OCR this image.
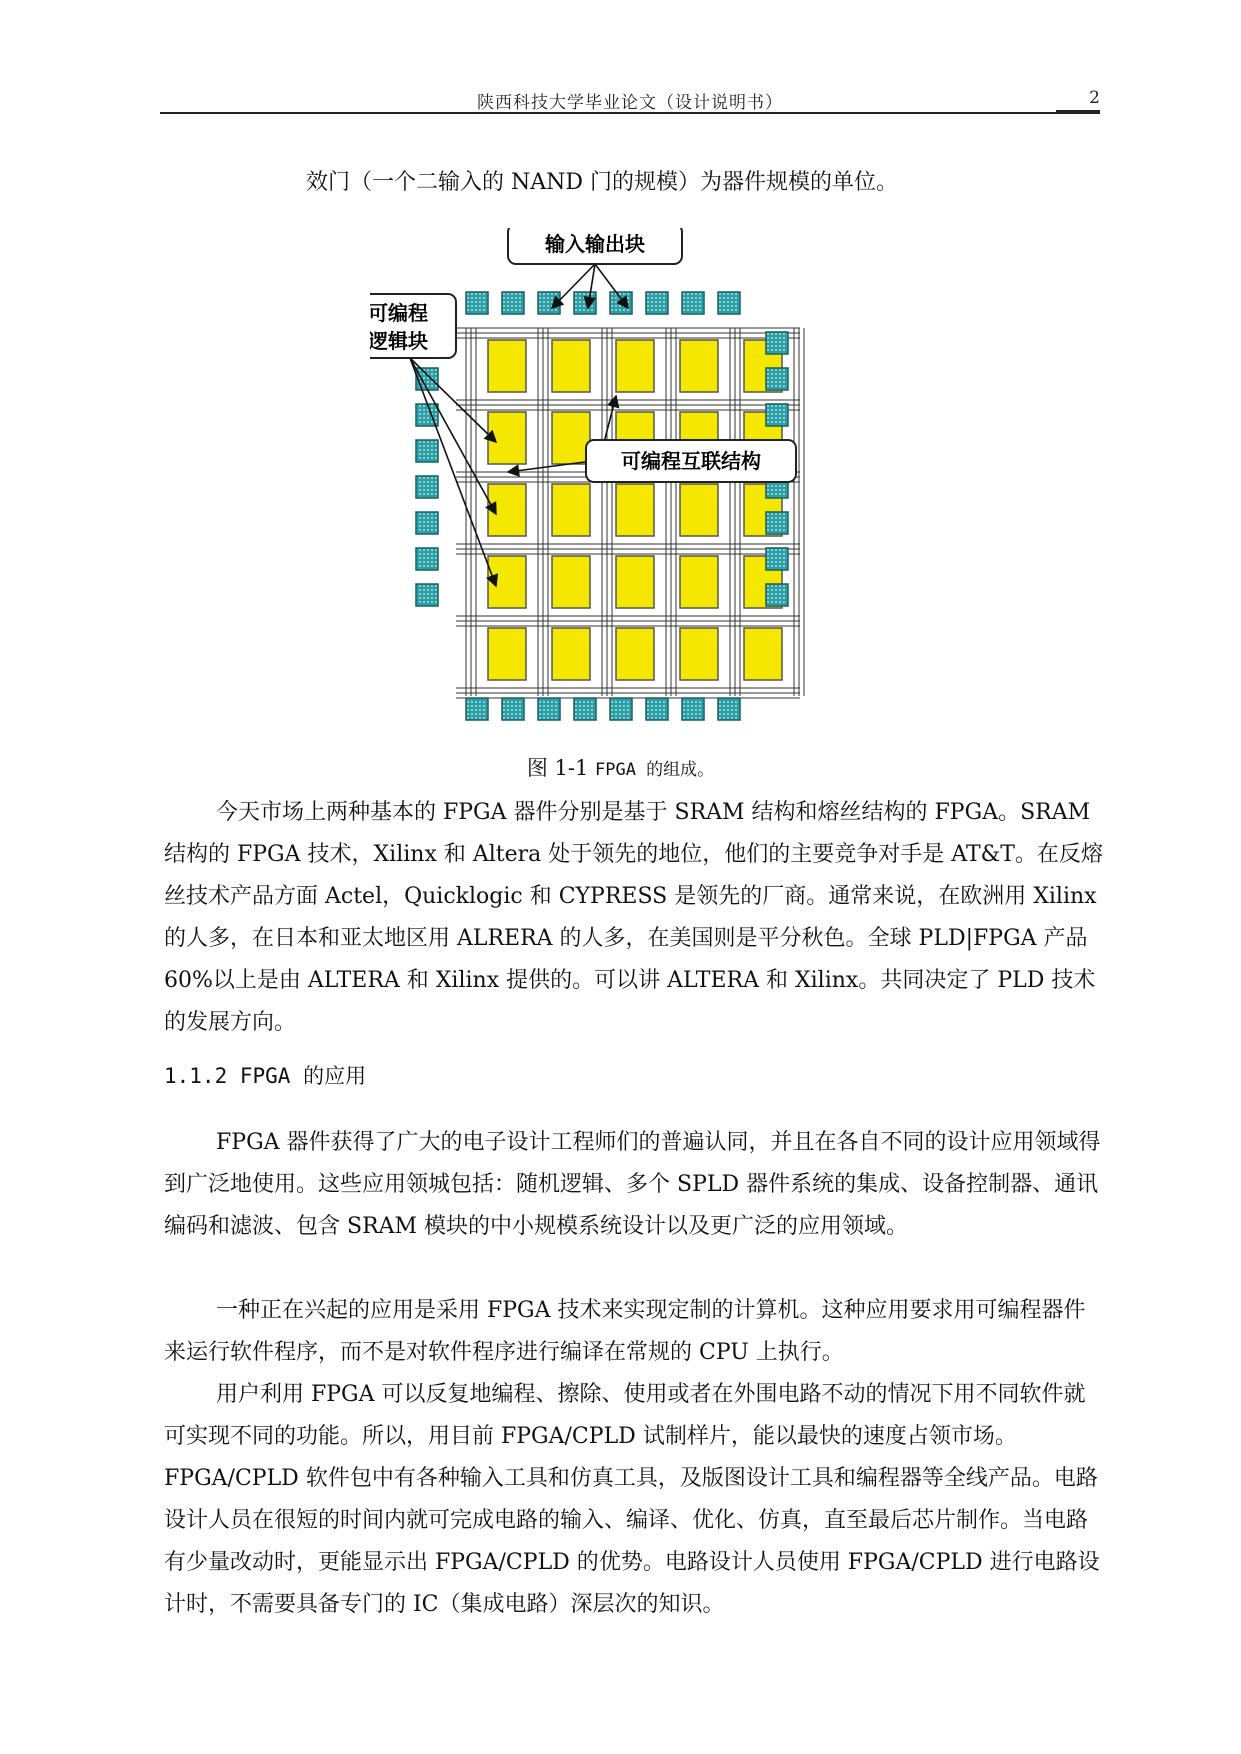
陕西科技大学毕业论文（设计说明书）	2

效门（一个二输入的 NAND 门的规模）为器件规模的单位。

输入输出块
可编程
逻辑块
可编程互联结构
图 1-1 FPGA 的组成。

今天市场上两种基本的 FPGA 器件分别是基于 SRAM 结构和熔丝结构的 FPGA。SRAM 结构的 FPGA 技术，Xilinx 和 Altera 处于领先的地位，他们的主要竞争对手是 AT&T。在反熔丝技术产品方面 Actel，Quicklogic 和 CYPRESS 是领先的厂商。通常来说，在欧洲用 Xilinx 的人多，在日本和亚太地区用 ALRERA 的人多，在美国则是平分秋色。全球 PLD|FPGA 产品 60%以上是由 ALTERA 和 Xilinx 提供的。可以讲 ALTERA 和 Xilinx。共同决定了 PLD 技术的发展方向。

1.1.2 FPGA 的应用

FPGA 器件获得了广大的电子设计工程师们的普遍认同，并且在各自不同的设计应用领域得到广泛地使用。这些应用领城包括：随机逻辑、多个 SPLD 器件系统的集成、设备控制器、通讯编码和滤波、包含 SRAM 模块的中小规模系统设计以及更广泛的应用领域。

一种正在兴起的应用是采用 FPGA 技术来实现定制的计算机。这种应用要求用可编程器件来运行软件程序，而不是对软件程序进行编译在常规的 CPU 上执行。

用户利用 FPGA 可以反复地编程、擦除、使用或者在外围电路不动的情况下用不同软件就可实现不同的功能。所以，用目前 FPGA/CPLD 试制样片，能以最快的速度占领市场。FPGA/CPLD 软件包中有各种输入工具和仿真工具，及版图设计工具和编程器等全线产品。电路设计人员在很短的时间内就可完成电路的输入、编译、优化、仿真，直至最后芯片制作。当电路有少量改动时，更能显示出 FPGA/CPLD 的优势。电路设计人员使用 FPGA/CPLD 进行电路设计时，不需要具备专门的 IC（集成电路）深层次的知识。
